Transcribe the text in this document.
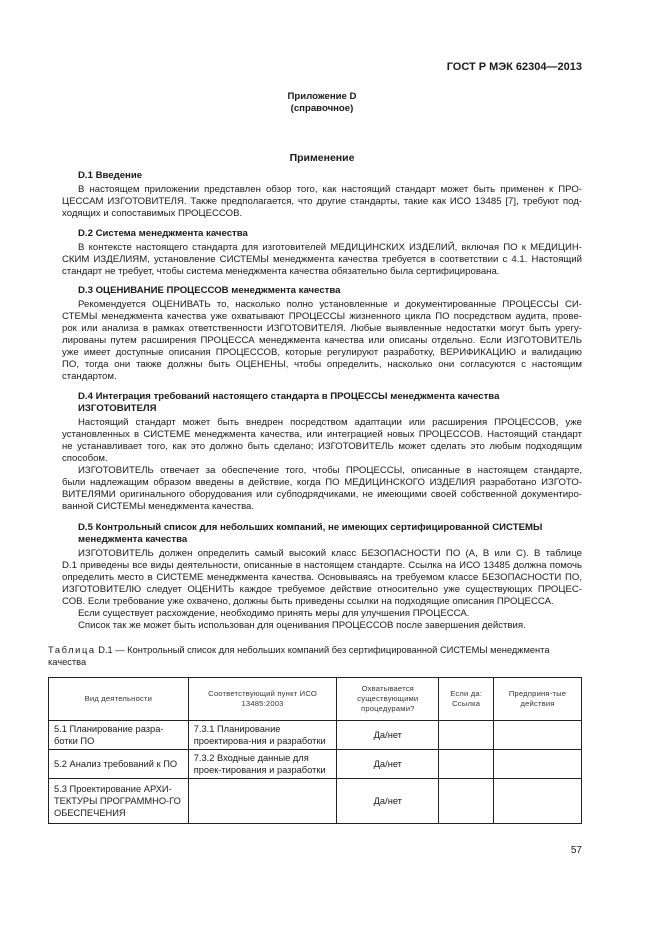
ГОСТ Р МЭК 62304—2013
Приложение D
(справочное)
Применение
D.1 Введение
В настоящем приложении представлен обзор того, как настоящий стандарт может быть применен к ПРО-
ЦЕССАМ ИЗГОТОВИТЕЛЯ. Также предполагается, что другие стандарты, такие как ИСО 13485 [7], требуют под-
ходящих и сопоставимых ПРОЦЕССОВ.
D.2 Система менеджмента качества
В контексте настоящего стандарта для изготовителей МЕДИЦИНСКИХ ИЗДЕЛИЙ, включая ПО к МЕДИЦИН-
СКИМ ИЗДЕЛИЯМ, установление СИСТЕМЫ менеджмента качества требуется в соответствии с 4.1. Настоящий
стандарт не требует, чтобы система менеджмента качества обязательно была сертифицирована.
D.3 ОЦЕНИВАНИЕ ПРОЦЕССОВ менеджмента качества
Рекомендуется ОЦЕНИВАТЬ то, насколько полно установленные и документированные ПРОЦЕССЫ СИ-
СТЕМЫ менеджмента качества уже охватывают ПРОЦЕССЫ жизненного цикла ПО посредством аудита, прове-
рок или анализа в рамках ответственности ИЗГОТОВИТЕЛЯ. Любые выявленные недостатки могут быть урегу-
лированы путем расширения ПРОЦЕССА менеджмента качества или описаны отдельно. Если ИЗГОТОВИТЕЛЬ
уже имеет доступные описания ПРОЦЕССОВ, которые регулируют разработку, ВЕРИФИКАЦИЮ и валидацию
ПО, тогда они также должны быть ОЦЕНЕНЫ, чтобы определить, насколько они согласуются с настоящим
стандартом.
D.4 Интеграция требований настоящего стандарта в ПРОЦЕССЫ менеджмента качества
ИЗГОТОВИТЕЛЯ
Настоящий стандарт может быть внедрен посредством адаптации или расширения ПРОЦЕССОВ, уже
установленных в СИСТЕМЕ менеджмента качества, или интеграцией новых ПРОЦЕССОВ. Настоящий стандарт
не устанавливает того, как это должно быть сделано; ИЗГОТОВИТЕЛЬ может сделать это любым подходящим
способом.
ИЗГОТОВИТЕЛЬ отвечает за обеспечение того, чтобы ПРОЦЕССЫ, описанные в настоящем стандарте,
были надлежащим образом введены в действие, когда ПО МЕДИЦИНСКОГО ИЗДЕЛИЯ разработано ИЗГОТО-
ВИТЕЛЯМИ оригинального оборудования или субподрядчиками, не имеющими своей собственной документиро-
ванной СИСТЕМЫ менеджмента качества.
D.5 Контрольный список для небольших компаний, не имеющих сертифицированной СИСТЕМЫ
менеджмента качества
ИЗГОТОВИТЕЛЬ должен определить самый высокий класс БЕЗОПАСНОСТИ ПО (A, B или C). В таблице
D.1 приведены все виды деятельности, описанные в настоящем стандарте. Ссылка на ИСО 13485 должна помочь
определить место в СИСТЕМЕ менеджмента качества. Основываясь на требуемом классе БЕЗОПАСНОСТИ ПО,
ИЗГОТОВИТЕЛЮ следует ОЦЕНИТЬ каждое требуемое действие относительно уже существующих ПРОЦЕС-
СОВ. Если требование уже охвачено, должны быть приведены ссылки на подходящие описания ПРОЦЕССА.
Если существует расхождение, необходимо принять меры для улучшения ПРОЦЕССА.
Список так же может быть использован для оценивания ПРОЦЕССОВ после завершения действия.
Таблица D.1 — Контрольный список для небольших компаний без сертифицированной СИСТЕМЫ менеджмента
качества
Вид деятельности	Соответствующий пункт ИСО 13485:2003	Охватывается существующими процедурами?	Если да: Ссылка	Предприня-тые действия
5.1 Планирование разра-ботки ПО	7.3.1 Планирование проектирова-ния и разработки	Да/нет		
5.2 Анализ требований к ПО	7.3.2 Входные данные для проек-тирования и разработки	Да/нет		
5.3 Проектирование АРХИ-ТЕКТУРЫ ПРОГРАММНО-ГО ОБЕСПЕЧЕНИЯ		Да/нет		
57
